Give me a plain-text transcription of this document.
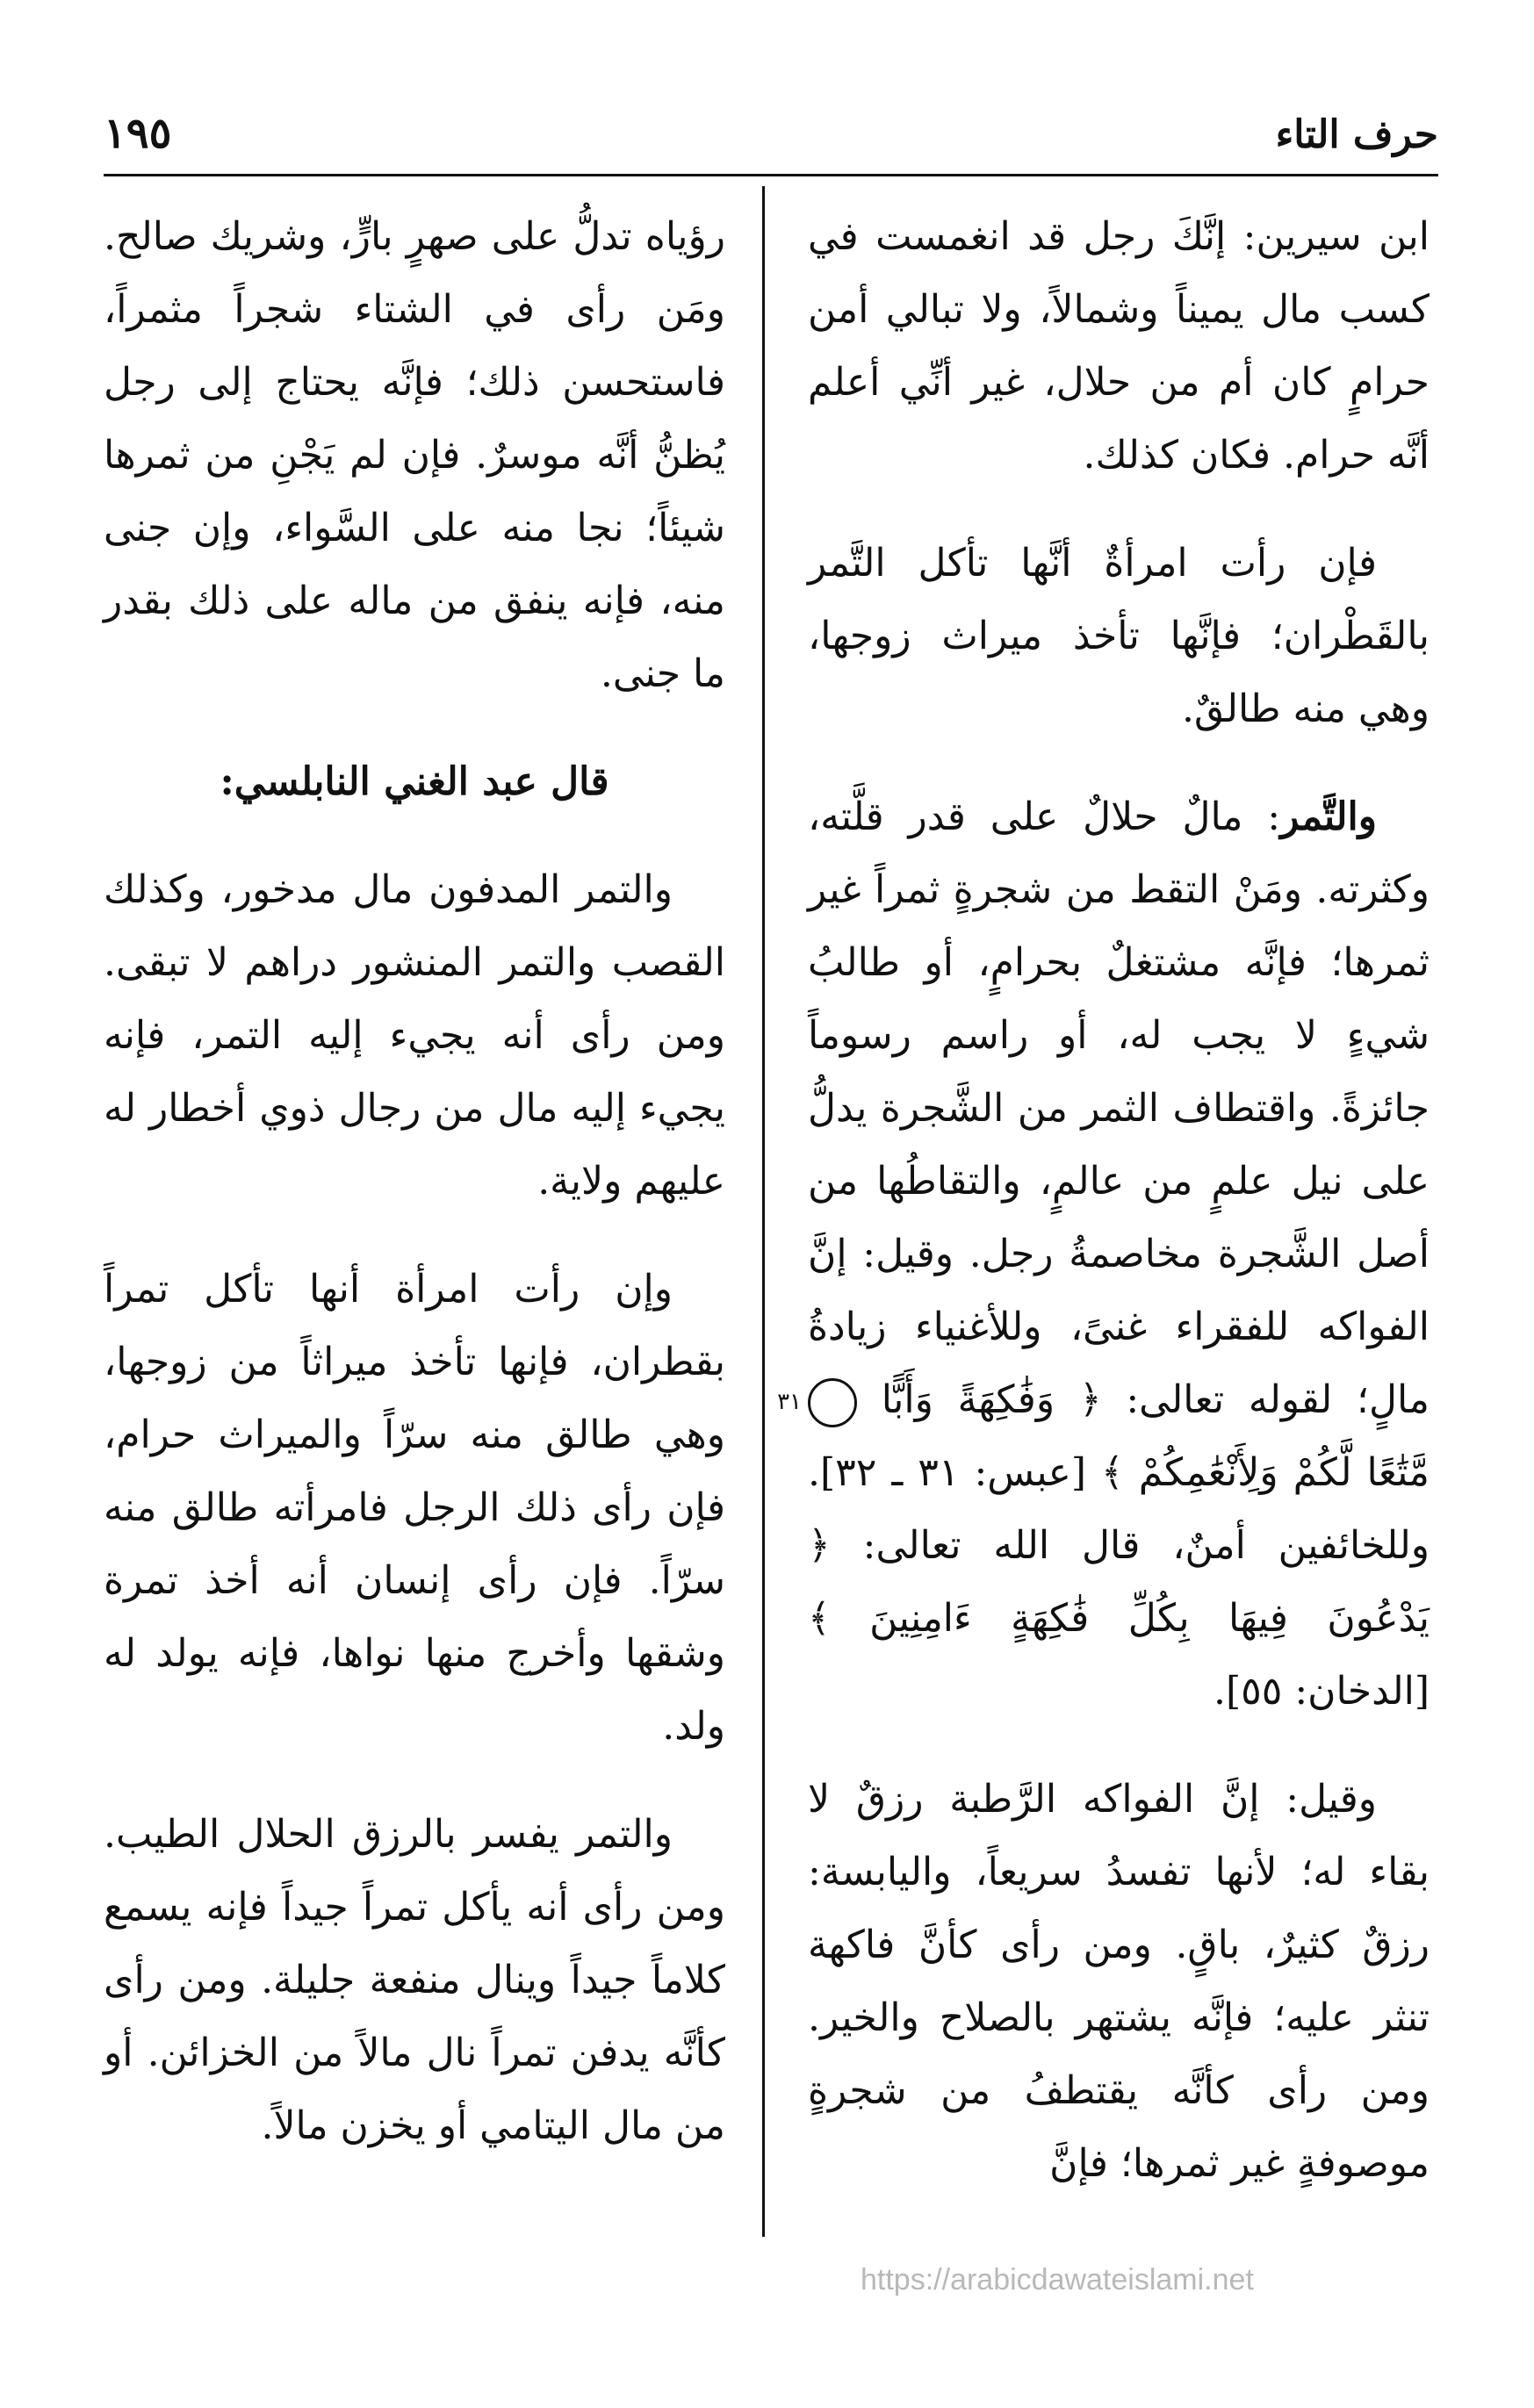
حرف التاء
١٩٥

ابن سيرين: إنَّكَ رجل قد انغمست في كسب مال يميناً وشمالاً، ولا تبالي أمن حرامٍ كان أم من حلال، غير أنِّي أعلم أنَّه حرام. فكان كذلك.

فإن رأت امرأةٌ أنَّها تأكل التَّمر بالقَطْران؛ فإنَّها تأخذ ميراث زوجها، وهي منه طالقٌ.

والتَّمر: مالٌ حلالٌ على قدر قلَّته، وكثرته. ومَنْ التقط من شجرةٍ ثمراً غير ثمرها؛ فإنَّه مشتغلٌ بحرامٍ، أو طالبُ شيءٍ لا يجب له، أو راسم رسوماً جائزةً. واقتطاف الثمر من الشَّجرة يدلُّ على نيل علمٍ من عالمٍ، والتقاطُها من أصل الشَّجرة مخاصمةُ رجل. وقيل: إنَّ الفواكه للفقراء غنىً، وللأغنياء زيادةُ مالٍ؛ لقوله تعالى: ﴿ وَفَٰكِهَةً وَأَبًّا ٣١ مَّتَٰعًا لَّكُمْ وَلِأَنْعَٰمِكُمْ ﴾ [عبس: ٣١ ـ ٣٢]. وللخائفين أمنٌ، قال الله تعالى: ﴿ يَدْعُونَ فِيهَا بِكُلِّ فَٰكِهَةٍ ءَامِنِينَ ﴾ [الدخان: ٥٥].

وقيل: إنَّ الفواكه الرَّطبة رزقٌ لا بقاء له؛ لأنها تفسدُ سريعاً، واليابسة: رزقٌ كثيرٌ، باقٍ. ومن رأى كأنَّ فاكهة تنثر عليه؛ فإنَّه يشتهر بالصلاح والخير. ومن رأى كأنَّه يقتطفُ من شجرةٍ موصوفةٍ غير ثمرها؛ فإنَّ

رؤياه تدلُّ على صهرٍ بارٍّ، وشريك صالح. ومَن رأى في الشتاء شجراً مثمراً، فاستحسن ذلك؛ فإنَّه يحتاج إلى رجل يُظنُّ أنَّه موسرٌ. فإن لم يَجْنِ من ثمرها شيئاً؛ نجا منه على السَّواء، وإن جنى منه، فإنه ينفق من ماله على ذلك بقدر ما جنى.

قال عبد الغني النابلسي:

والتمر المدفون مال مدخور، وكذلك القصب والتمر المنشور دراهم لا تبقى. ومن رأى أنه يجيء إليه التمر، فإنه يجيء إليه مال من رجال ذوي أخطار له عليهم ولاية.

وإن رأت امرأة أنها تأكل تمراً بقطران، فإنها تأخذ ميراثاً من زوجها، وهي طالق منه سرّاً والميراث حرام، فإن رأى ذلك الرجل فامرأته طالق منه سرّاً. فإن رأى إنسان أنه أخذ تمرة وشقها وأخرج منها نواها، فإنه يولد له ولد.

والتمر يفسر بالرزق الحلال الطيب. ومن رأى أنه يأكل تمراً جيداً فإنه يسمع كلاماً جيداً وينال منفعة جليلة. ومن رأى كأنَّه يدفن تمراً نال مالاً من الخزائن. أو من مال اليتامي أو يخزن مالاً.

https://arabicdawateislami.net
